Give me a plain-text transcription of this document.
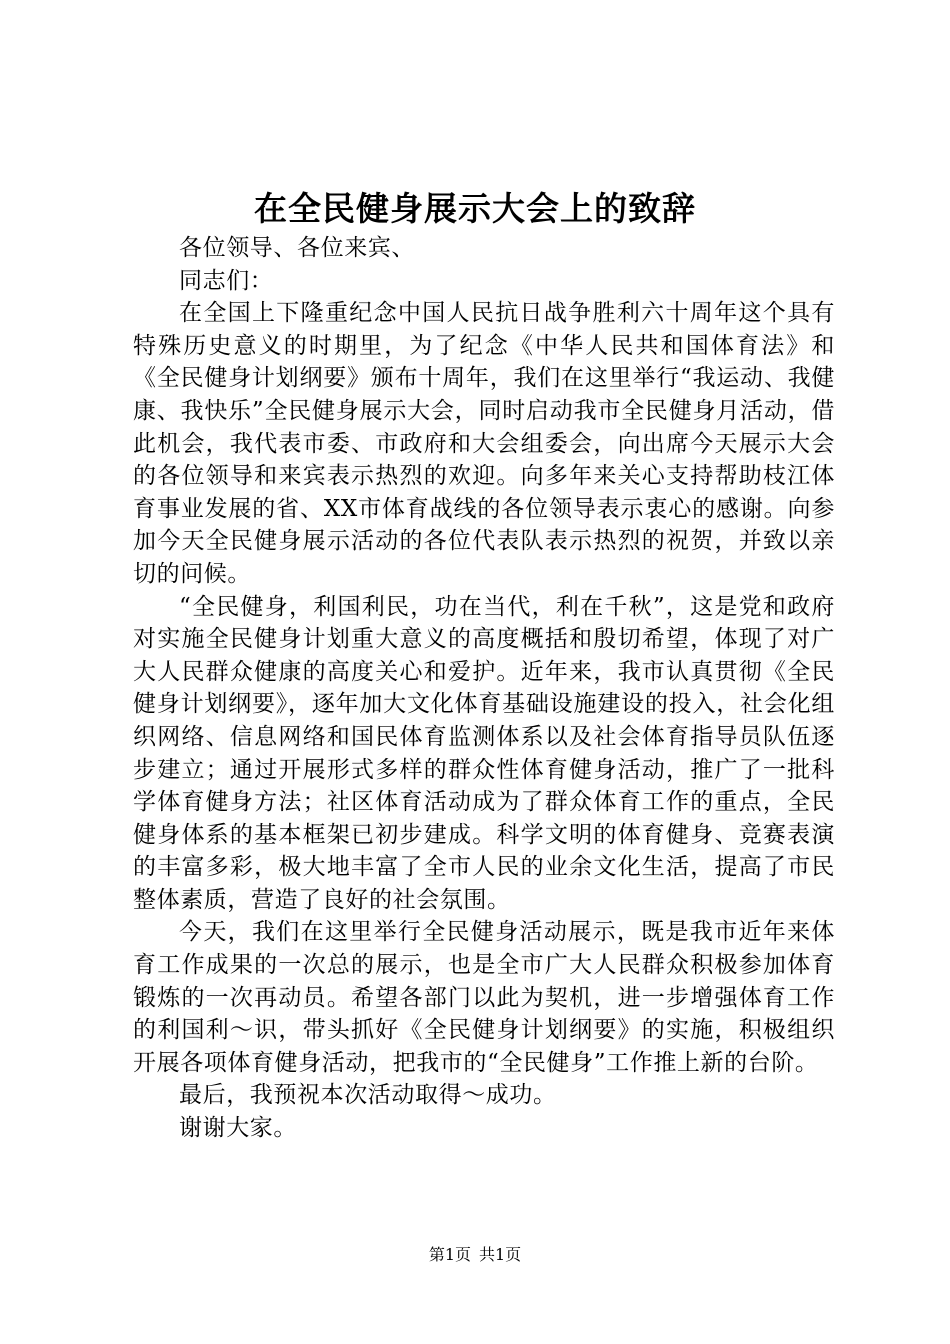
在全民健身展示大会上的致辞

各位领导、各位来宾、

同志们：

在全国上下隆重纪念中国人民抗日战争胜利六十周年这个具有特殊历史意义的时期里，为了纪念《中华人民共和国体育法》和《全民健身计划纲要》颁布十周年，我们在这里举行“我运动、我健康、我快乐”全民健身展示大会，同时启动我市全民健身月活动，借此机会，我代表市委、市政府和大会组委会，向出席今天展示大会的各位领导和来宾表示热烈的欢迎。向多年来关心支持帮助枝江体育事业发展的省、XX市体育战线的各位领导表示衷心的感谢。向参加今天全民健身展示活动的各位代表队表示热烈的祝贺，并致以亲切的问候。

“全民健身，利国利民，功在当代，利在千秋”，这是党和政府对实施全民健身计划重大意义的高度概括和殷切希望，体现了对广大人民群众健康的高度关心和爱护。近年来，我市认真贯彻《全民健身计划纲要》，逐年加大文化体育基础设施建设的投入，社会化组织网络、信息网络和国民体育监测体系以及社会体育指导员队伍逐步建立；通过开展形式多样的群众性体育健身活动，推广了一批科学体育健身方法；社区体育活动成为了群众体育工作的重点，全民健身体系的基本框架已初步建成。科学文明的体育健身、竞赛表演的丰富多彩，极大地丰富了全市人民的业余文化生活，提高了市民整体素质，营造了良好的社会氛围。

今天，我们在这里举行全民健身活动展示，既是我市近年来体育工作成果的一次总的展示，也是全市广大人民群众积极参加体育锻炼的一次再动员。希望各部门以此为契机，进一步增强体育工作的利国利～识，带头抓好《全民健身计划纲要》的实施，积极组织开展各项体育健身活动，把我市的“全民健身”工作推上新的台阶。

最后，我预祝本次活动取得～成功。

谢谢大家。

第1页 共1页
